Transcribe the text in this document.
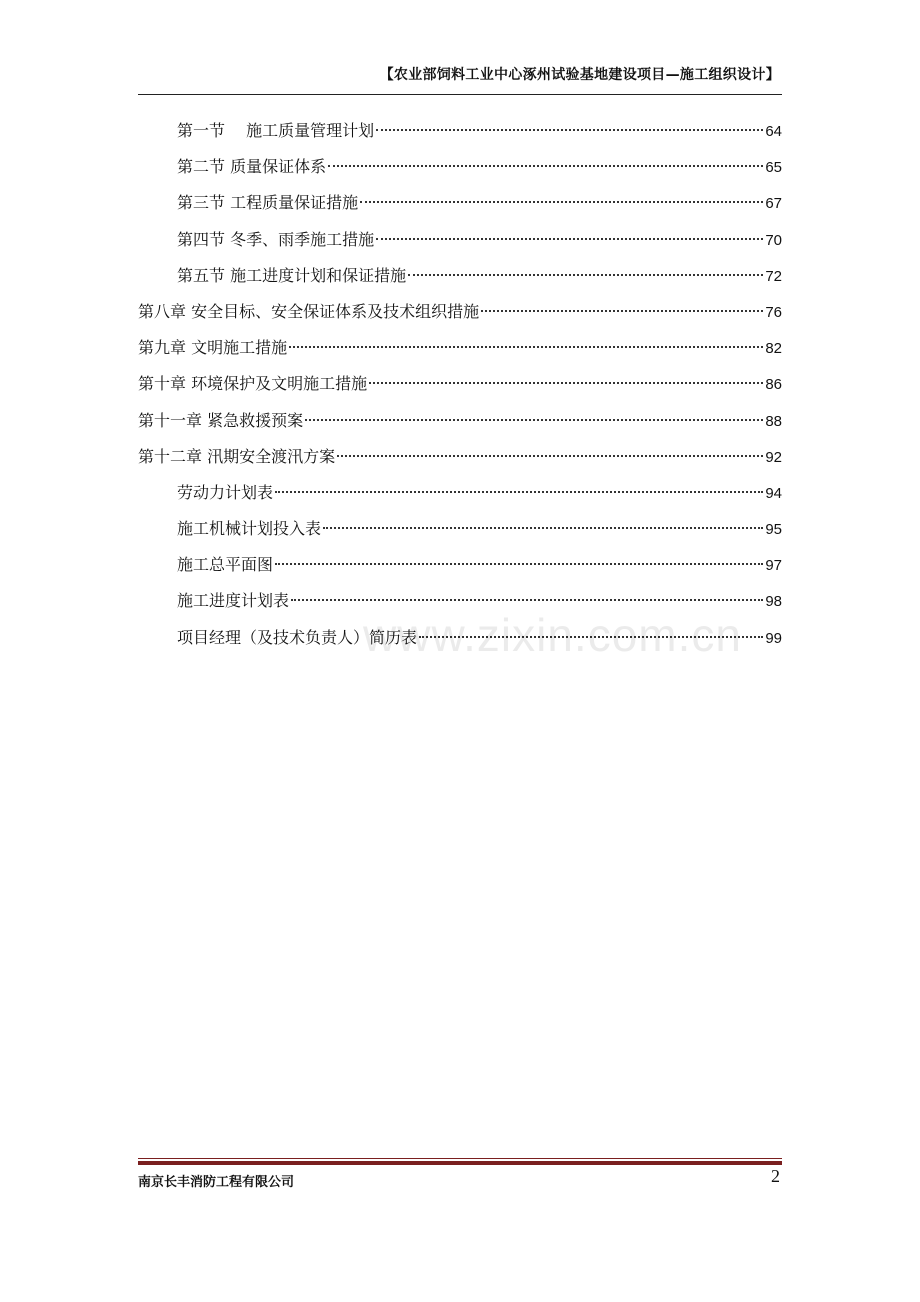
【农业部饲料工业中心涿州试验基地建设项目—施工组织设计】
第一节　 施工质量管理计划	64
第二节 质量保证体系	65
第三节 工程质量保证措施	67
第四节 冬季、雨季施工措施	70
第五节 施工进度计划和保证措施	72
第八章 安全目标、安全保证体系及技术组织措施	76
第九章 文明施工措施	82
第十章 环境保护及文明施工措施	86
第十一章 紧急救援预案	88
第十二章 汛期安全渡汛方案	92
劳动力计划表	94
施工机械计划投入表	95
施工总平面图	97
施工进度计划表	98
项目经理（及技术负责人）简历表	99
www.zixin.com.cn
南京长丰消防工程有限公司	2
